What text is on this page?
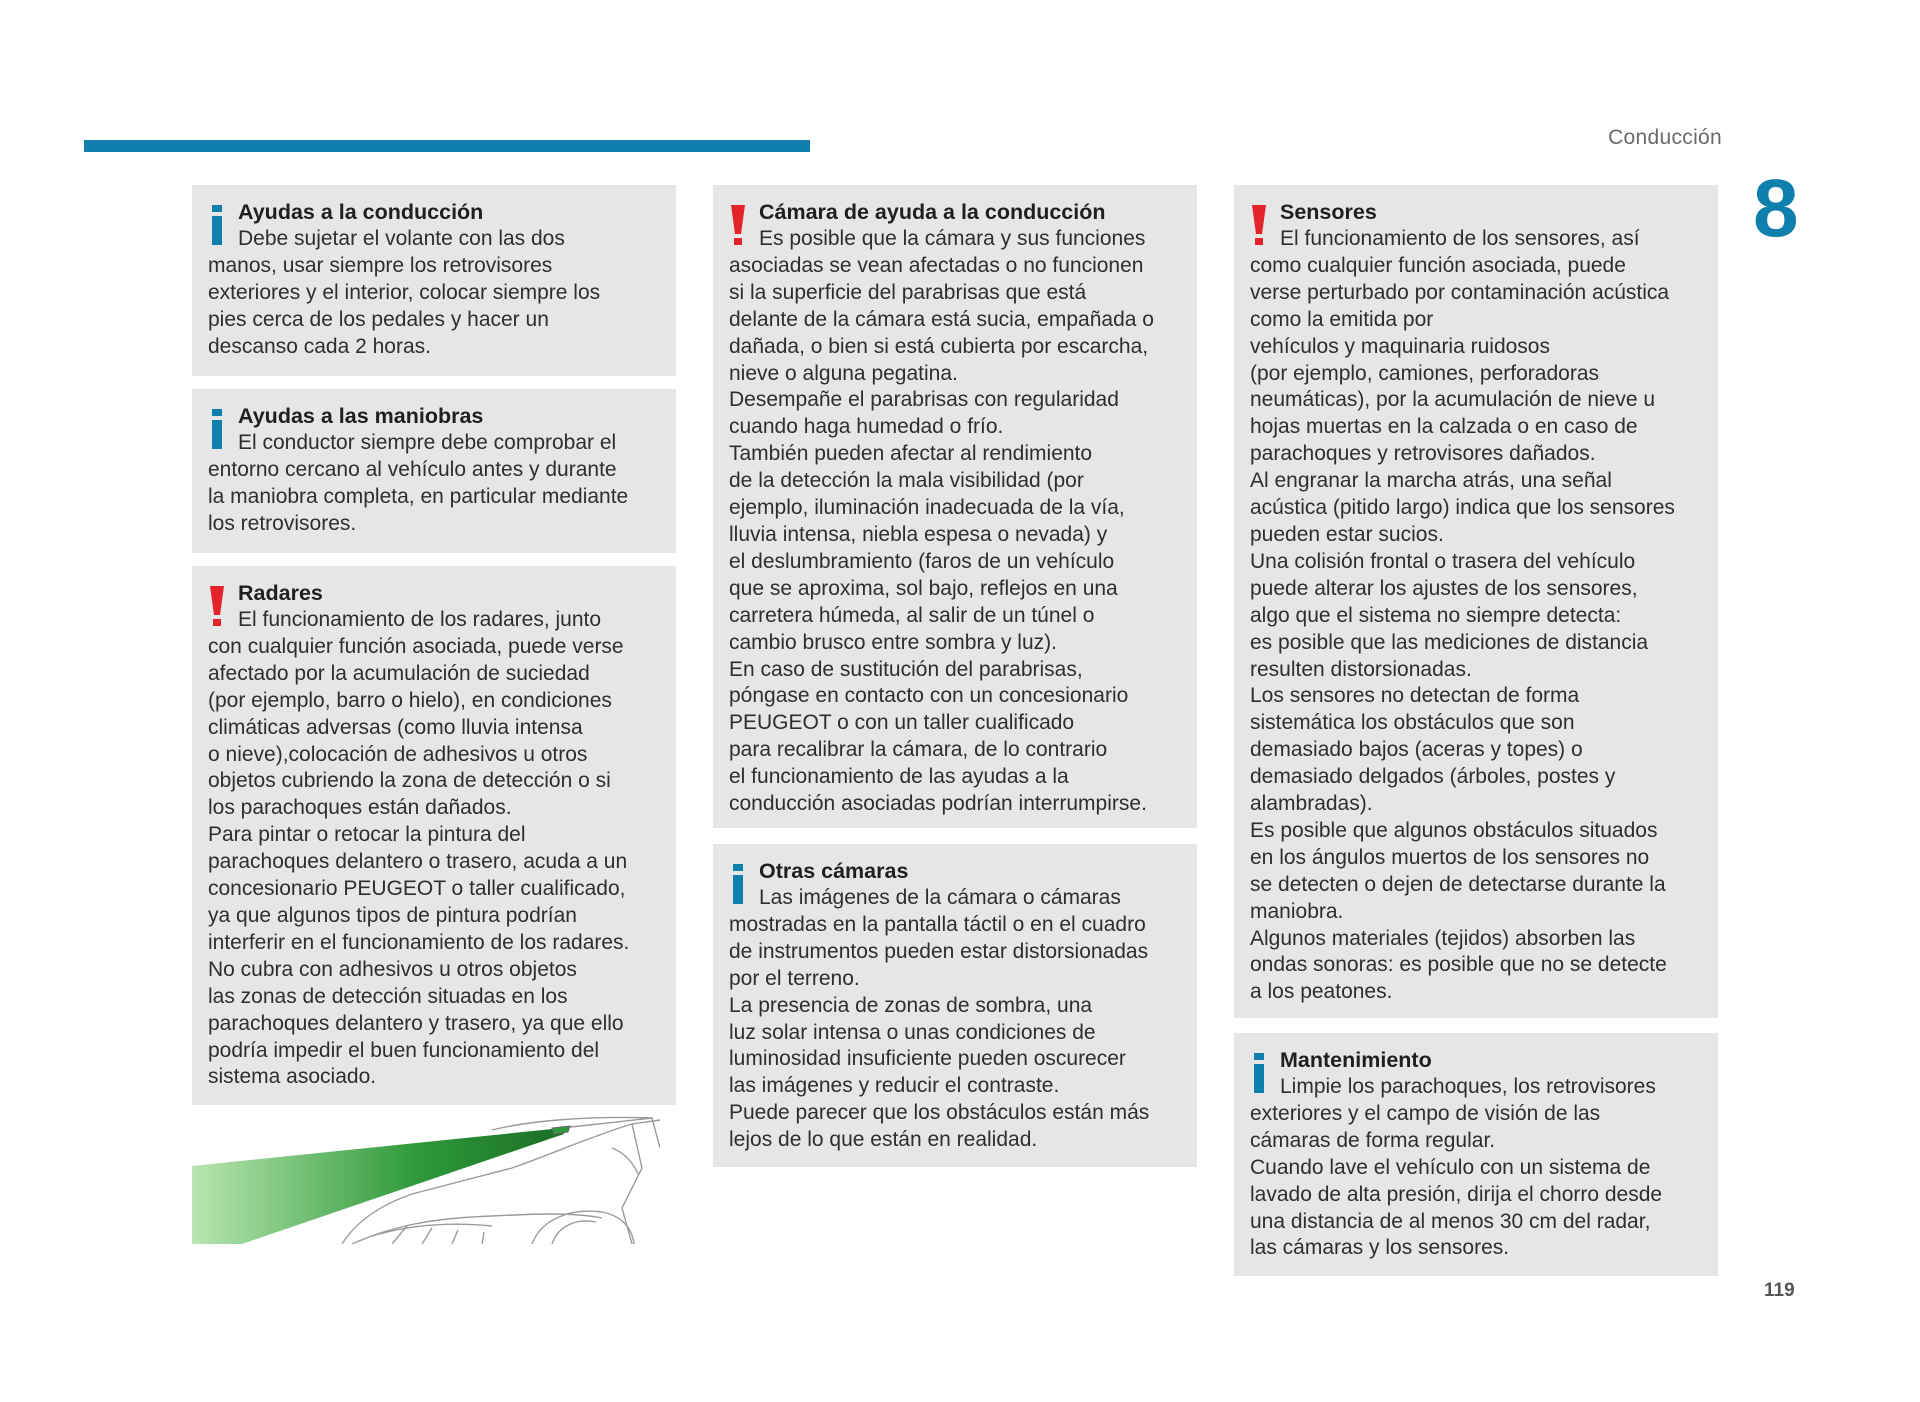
Conducción
8
Ayudas a la conducción
Debe sujetar el volante con las dos
manos, usar siempre los retrovisores
exteriores y el interior, colocar siempre los
pies cerca de los pedales y hacer un
descanso cada 2 horas.
Ayudas a las maniobras
El conductor siempre debe comprobar el
entorno cercano al vehículo antes y durante
la maniobra completa, en particular mediante
los retrovisores.
Radares
El funcionamiento de los radares, junto
con cualquier función asociada, puede verse
afectado por la acumulación de suciedad
(por ejemplo, barro o hielo), en condiciones
climáticas adversas (como lluvia intensa
o nieve),colocación de adhesivos u otros
objetos cubriendo la zona de detección o si
los parachoques están dañados.
Para pintar o retocar la pintura del
parachoques delantero o trasero, acuda a un
concesionario PEUGEOT o taller cualificado,
ya que algunos tipos de pintura podrían
interferir en el funcionamiento de los radares.
No cubra con adhesivos u otros objetos
las zonas de detección situadas en los
parachoques delantero y trasero, ya que ello
podría impedir el buen funcionamiento del
sistema asociado.
Cámara de ayuda a la conducción
Es posible que la cámara y sus funciones
asociadas se vean afectadas o no funcionen
si la superficie del parabrisas que está
delante de la cámara está sucia, empañada o
dañada, o bien si está cubierta por escarcha,
nieve o alguna pegatina.
Desempañe el parabrisas con regularidad
cuando haga humedad o frío.
También pueden afectar al rendimiento
de la detección la mala visibilidad (por
ejemplo, iluminación inadecuada de la vía,
lluvia intensa, niebla espesa o nevada) y
el deslumbramiento (faros de un vehículo
que se aproxima, sol bajo, reflejos en una
carretera húmeda, al salir de un túnel o
cambio brusco entre sombra y luz).
En caso de sustitución del parabrisas,
póngase en contacto con un concesionario
PEUGEOT o con un taller cualificado
para recalibrar la cámara, de lo contrario
el funcionamiento de las ayudas a la
conducción asociadas podrían interrumpirse.
Otras cámaras
Las imágenes de la cámara o cámaras
mostradas en la pantalla táctil o en el cuadro
de instrumentos pueden estar distorsionadas
por el terreno.
La presencia de zonas de sombra, una
luz solar intensa o unas condiciones de
luminosidad insuficiente pueden oscurecer
las imágenes y reducir el contraste.
Puede parecer que los obstáculos están más
lejos de lo que están en realidad.
Sensores
El funcionamiento de los sensores, así
como cualquier función asociada, puede
verse perturbado por contaminación acústica
como la emitida por
vehículos y maquinaria ruidosos
(por ejemplo, camiones, perforadoras
neumáticas), por la acumulación de nieve u
hojas muertas en la calzada o en caso de
parachoques y retrovisores dañados.
Al engranar la marcha atrás, una señal
acústica (pitido largo) indica que los sensores
pueden estar sucios.
Una colisión frontal o trasera del vehículo
puede alterar los ajustes de los sensores,
algo que el sistema no siempre detecta:
es posible que las mediciones de distancia
resulten distorsionadas.
Los sensores no detectan de forma
sistemática los obstáculos que son
demasiado bajos (aceras y topes) o
demasiado delgados (árboles, postes y
alambradas).
Es posible que algunos obstáculos situados
en los ángulos muertos de los sensores no
se detecten o dejen de detectarse durante la
maniobra.
Algunos materiales (tejidos) absorben las
ondas sonoras: es posible que no se detecte
a los peatones.
Mantenimiento
Limpie los parachoques, los retrovisores
exteriores y el campo de visión de las
cámaras de forma regular.
Cuando lave el vehículo con un sistema de
lavado de alta presión, dirija el chorro desde
una distancia de al menos 30 cm del radar,
las cámaras y los sensores.
119
